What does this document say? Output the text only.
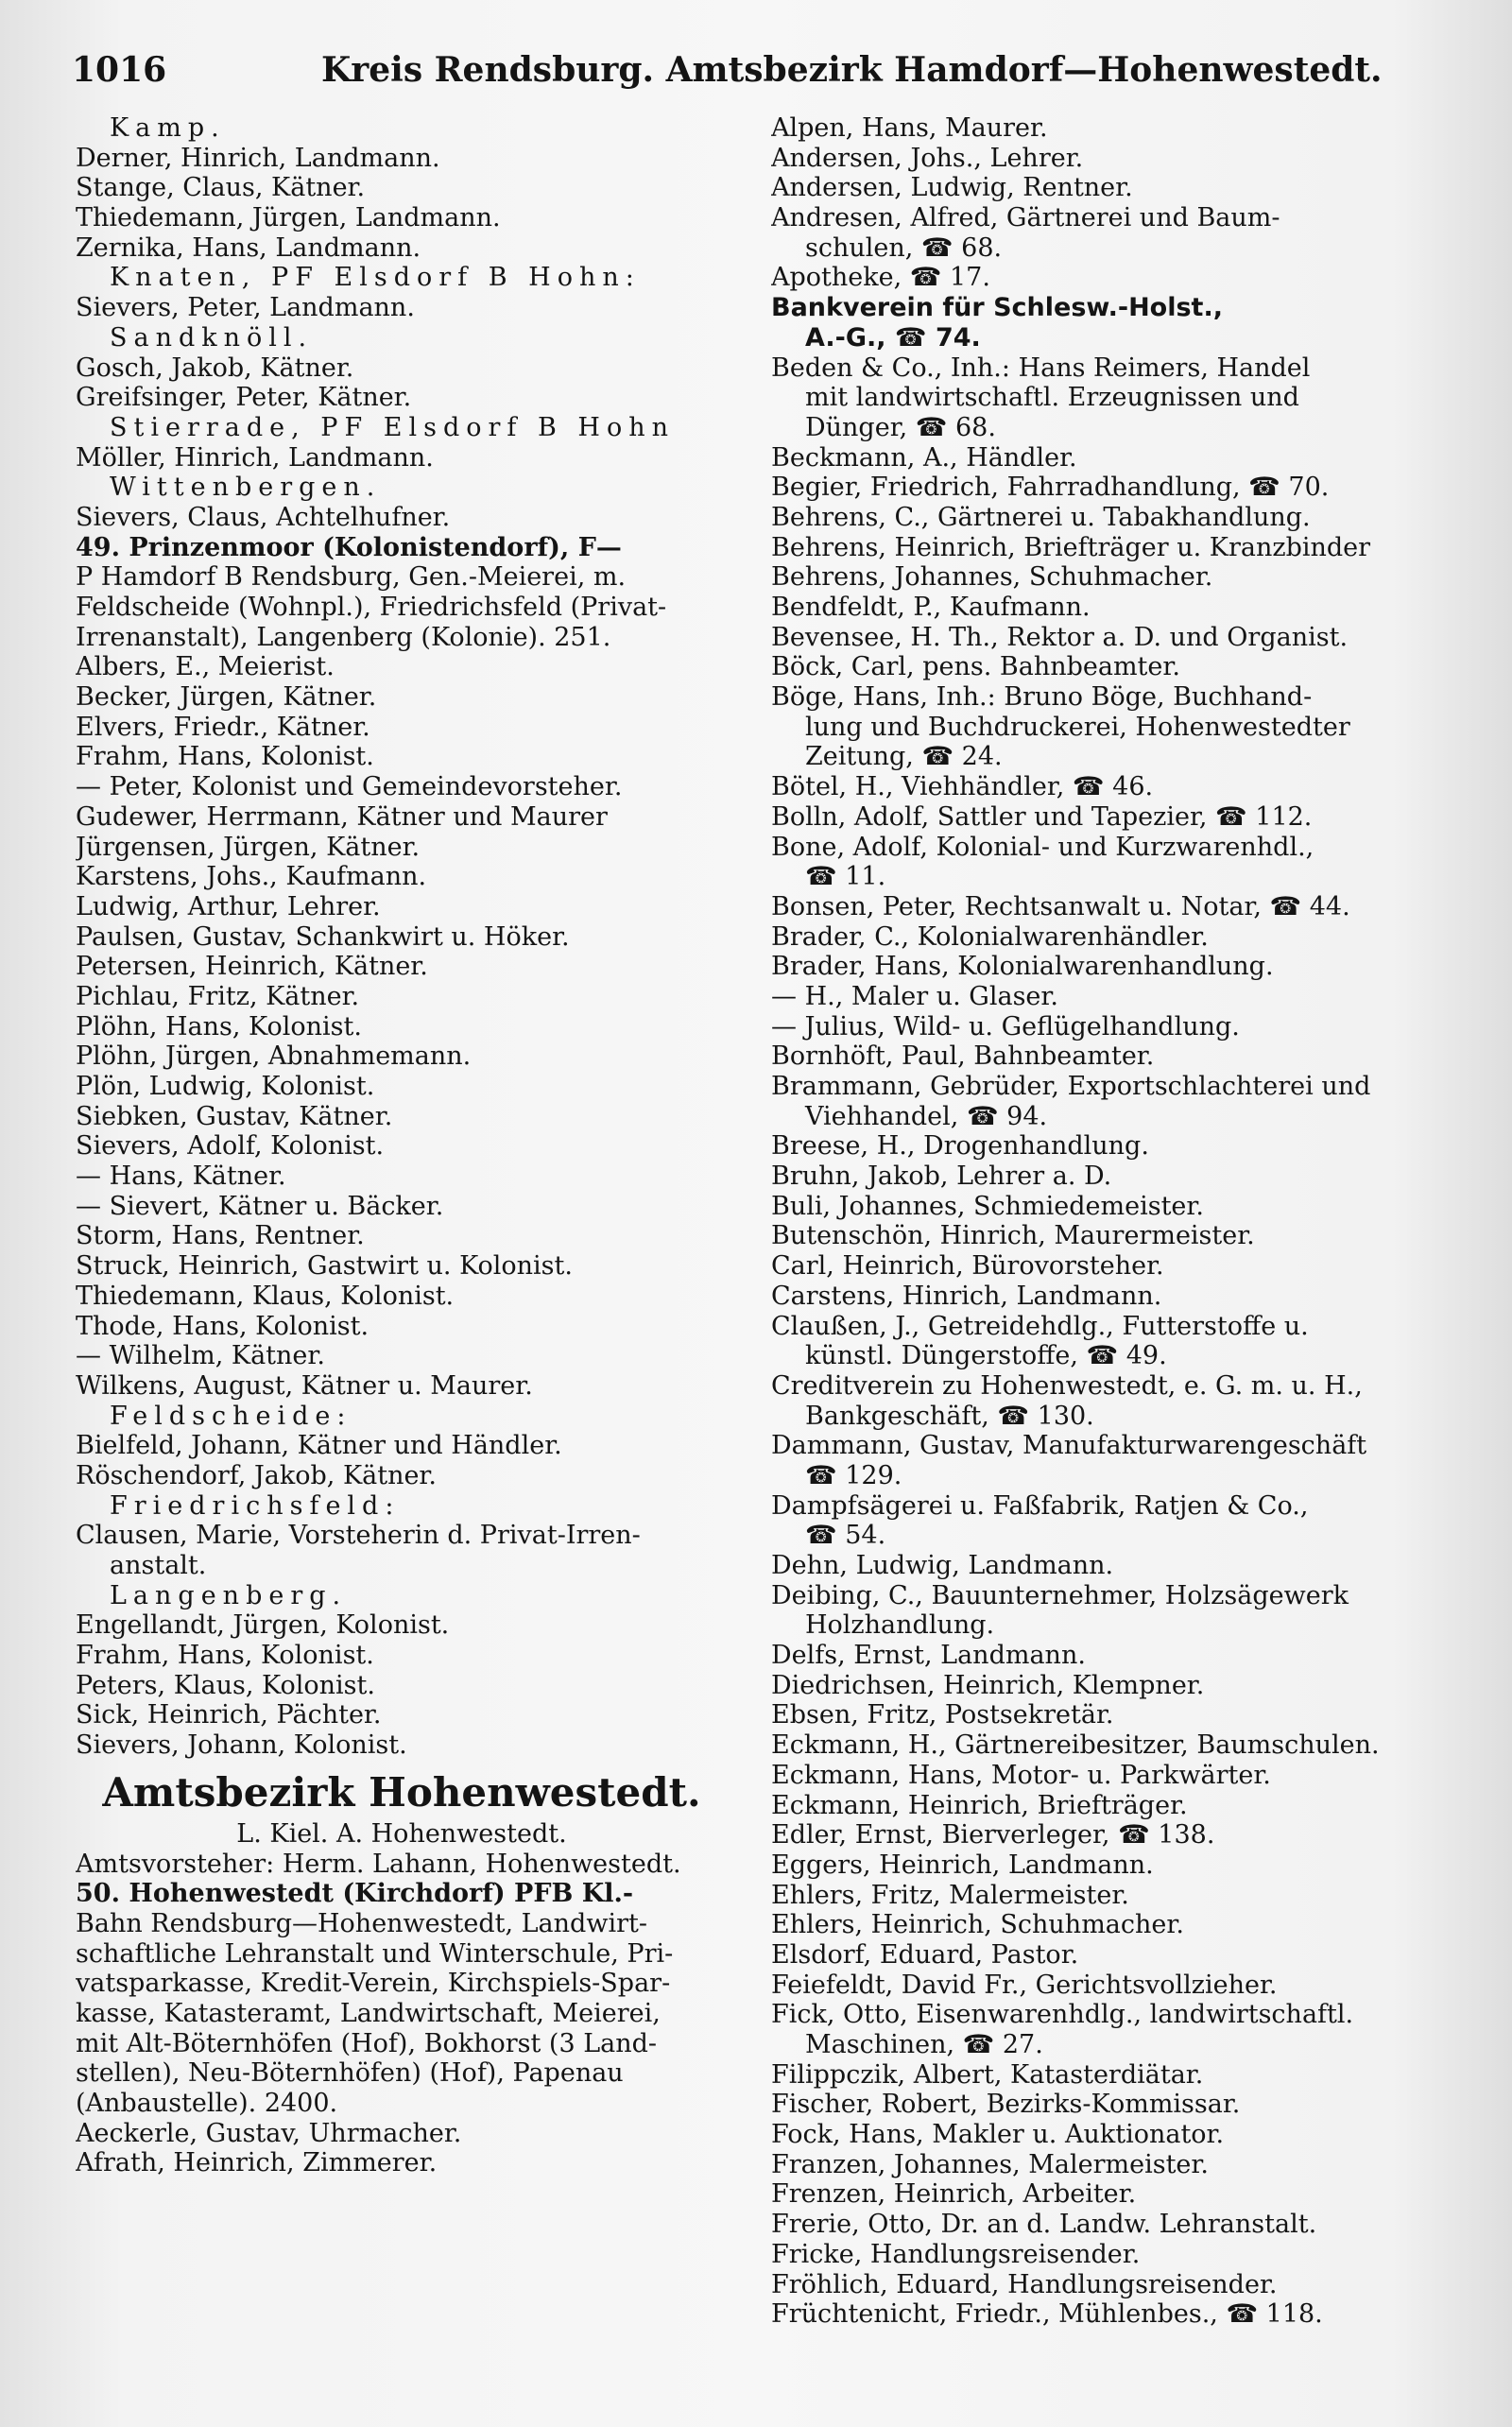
1016	Kreis Rendsburg. Amtsbezirk Hamdorf—Hohenwestedt.
Kamp.
Derner, Hinrich, Landmann.
Stange, Claus, Kätner.
Thiedemann, Jürgen, Landmann.
Zernika, Hans, Landmann.
Knaten, PF Elsdorf B Hohn:
Sievers, Peter, Landmann.
Sandknöll.
Gosch, Jakob, Kätner.
Greifsinger, Peter, Kätner.
Stierrade, PF Elsdorf B Hohn
Möller, Hinrich, Landmann.
Wittenbergen.
Sievers, Claus, Achtelhufner.
49. Prinzenmoor (Kolonistendorf), F—
P Hamdorf B Rendsburg, Gen.-Meierei, m.
Feldscheide (Wohnpl.), Friedrichsfeld (Privat-
Irrenanstalt), Langenberg (Kolonie). 251.
Albers, E., Meierist.
Becker, Jürgen, Kätner.
Elvers, Friedr., Kätner.
Frahm, Hans, Kolonist.
— Peter, Kolonist und Gemeindevorsteher.
Gudewer, Herrmann, Kätner und Maurer
Jürgensen, Jürgen, Kätner.
Karstens, Johs., Kaufmann.
Ludwig, Arthur, Lehrer.
Paulsen, Gustav, Schankwirt u. Höker.
Petersen, Heinrich, Kätner.
Pichlau, Fritz, Kätner.
Plöhn, Hans, Kolonist.
Plöhn, Jürgen, Abnahmemann.
Plön, Ludwig, Kolonist.
Siebken, Gustav, Kätner.
Sievers, Adolf, Kolonist.
— Hans, Kätner.
— Sievert, Kätner u. Bäcker.
Storm, Hans, Rentner.
Struck, Heinrich, Gastwirt u. Kolonist.
Thiedemann, Klaus, Kolonist.
Thode, Hans, Kolonist.
— Wilhelm, Kätner.
Wilkens, August, Kätner u. Maurer.
Feldscheide:
Bielfeld, Johann, Kätner und Händler.
Röschendorf, Jakob, Kätner.
Friedrichsfeld:
Clausen, Marie, Vorsteherin d. Privat-Irren-
anstalt.
Langenberg.
Engellandt, Jürgen, Kolonist.
Frahm, Hans, Kolonist.
Peters, Klaus, Kolonist.
Sick, Heinrich, Pächter.
Sievers, Johann, Kolonist.
Amtsbezirk Hohenwestedt.
L. Kiel. A. Hohenwestedt.
Amtsvorsteher: Herm. Lahann, Hohenwestedt.
50. Hohenwestedt (Kirchdorf) PFB Kl.-
Bahn Rendsburg—Hohenwestedt, Landwirt-
schaftliche Lehranstalt und Winterschule, Pri-
vatsparkasse, Kredit-Verein, Kirchspiels-Spar-
kasse, Katasteramt, Landwirtschaft, Meierei,
mit Alt-Böternhöfen (Hof), Bokhorst (3 Land-
stellen), Neu-Böternhöfen) (Hof), Papenau
(Anbaustelle). 2400.
Aeckerle, Gustav, Uhrmacher.
Afrath, Heinrich, Zimmerer.
Alpen, Hans, Maurer.
Andersen, Johs., Lehrer.
Andersen, Ludwig, Rentner.
Andresen, Alfred, Gärtnerei und Baum-
schulen, ☎ 68.
Apotheke, ☎ 17.
Bankverein für Schlesw.-Holst.,
A.-G., ☎ 74.
Beden & Co., Inh.: Hans Reimers, Handel
mit landwirtschaftl. Erzeugnissen und
Dünger, ☎ 68.
Beckmann, A., Händler.
Begier, Friedrich, Fahrradhandlung, ☎ 70.
Behrens, C., Gärtnerei u. Tabakhandlung.
Behrens, Heinrich, Briefträger u. Kranzbinder
Behrens, Johannes, Schuhmacher.
Bendfeldt, P., Kaufmann.
Bevensee, H. Th., Rektor a. D. und Organist.
Böck, Carl, pens. Bahnbeamter.
Böge, Hans, Inh.: Bruno Böge, Buchhand-
lung und Buchdruckerei, Hohenwestedter
Zeitung, ☎ 24.
Bötel, H., Viehhändler, ☎ 46.
Bolln, Adolf, Sattler und Tapezier, ☎ 112.
Bone, Adolf, Kolonial- und Kurzwarenhdl.,
☎ 11.
Bonsen, Peter, Rechtsanwalt u. Notar, ☎ 44.
Brader, C., Kolonialwarenhändler.
Brader, Hans, Kolonialwarenhandlung.
— H., Maler u. Glaser.
— Julius, Wild- u. Geflügelhandlung.
Bornhöft, Paul, Bahnbeamter.
Brammann, Gebrüder, Exportschlachterei und
Viehhandel, ☎ 94.
Breese, H., Drogenhandlung.
Bruhn, Jakob, Lehrer a. D.
Buli, Johannes, Schmiedemeister.
Butenschön, Hinrich, Maurermeister.
Carl, Heinrich, Bürovorsteher.
Carstens, Hinrich, Landmann.
Claußen, J., Getreidehdlg., Futterstoffe u.
künstl. Düngerstoffe, ☎ 49.
Creditverein zu Hohenwestedt, e. G. m. u. H.,
Bankgeschäft, ☎ 130.
Dammann, Gustav, Manufakturwarengeschäft
☎ 129.
Dampfsägerei u. Faßfabrik, Ratjen & Co.,
☎ 54.
Dehn, Ludwig, Landmann.
Deibing, C., Bauunternehmer, Holzsägewerk
Holzhandlung.
Delfs, Ernst, Landmann.
Diedrichsen, Heinrich, Klempner.
Ebsen, Fritz, Postsekretär.
Eckmann, H., Gärtnereibesitzer, Baumschulen.
Eckmann, Hans, Motor- u. Parkwärter.
Eckmann, Heinrich, Briefträger.
Edler, Ernst, Bierverleger, ☎ 138.
Eggers, Heinrich, Landmann.
Ehlers, Fritz, Malermeister.
Ehlers, Heinrich, Schuhmacher.
Elsdorf, Eduard, Pastor.
Feiefeldt, David Fr., Gerichtsvollzieher.
Fick, Otto, Eisenwarenhdlg., landwirtschaftl.
Maschinen, ☎ 27.
Filippczik, Albert, Katasterdiätar.
Fischer, Robert, Bezirks-Kommissar.
Fock, Hans, Makler u. Auktionator.
Franzen, Johannes, Malermeister.
Frenzen, Heinrich, Arbeiter.
Frerie, Otto, Dr. an d. Landw. Lehranstalt.
Fricke, Handlungsreisender.
Fröhlich, Eduard, Handlungsreisender.
Früchtenicht, Friedr., Mühlenbes., ☎ 118.
